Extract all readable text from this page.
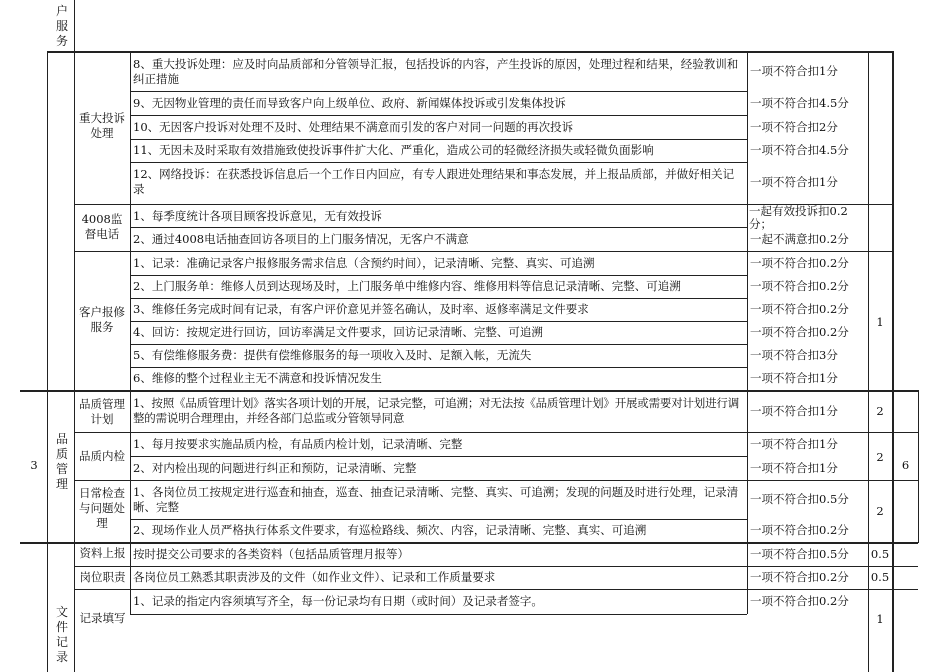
户服务
品质管理
文件记录
3
重大投诉处理
4008监督电话
客户报修服务
品质管理计划
品质内检
日常检查与问题处理
资料上报
岗位职责
记录填写
8、重大投诉处理：应及时向品质部和分管领导汇报，包括投诉的内容，产生投诉的原因，处理过程和结果，经验教训和纠正措施
9、无因物业管理的责任而导致客户向上级单位、政府、新闻媒体投诉或引发集体投诉
10、无因客户投诉对处理不及时、处理结果不满意而引发的客户对同一问题的再次投诉
11、无因未及时采取有效措施致使投诉事件扩大化、严重化，造成公司的轻微经济损失或轻微负面影响
12、网络投诉：在获悉投诉信息后一个工作日内回应，有专人跟进处理结果和事态发展，并上报品质部，并做好相关记录
1、每季度统计各项目顾客投诉意见，无有效投诉
2、通过4008电话抽查回访各项目的上门服务情况，无客户不满意
1、记录：准确记录客户报修服务需求信息（含预约时间），记录清晰、完整、真实、可追溯
2、上门服务单：维修人员到达现场及时，上门服务单中维修内容、维修用料等信息记录清晰、完整、可追溯
3、维修任务完成时间有记录，有客户评价意见并签名确认，及时率、返修率满足文件要求
4、回访：按规定进行回访，回访率满足文件要求，回访记录清晰、完整、可追溯
5、有偿维修服务费：提供有偿维修服务的每一项收入及时、足额入帐，无流失
6、维修的整个过程业主无不满意和投诉情况发生
1、按照《品质管理计划》落实各项计划的开展，记录完整，可追溯；对无法按《品质管理计划》开展或需要对计划进行调整的需说明合理理由，并经各部门总监或分管领导同意
1、每月按要求实施品质内检，有品质内检计划，记录清晰、完整
2、对内检出现的问题进行纠正和预防，记录清晰、完整
1、各岗位员工按规定进行巡查和抽查，巡查、抽查记录清晰、完整、真实、可追溯；发现的问题及时进行处理，记录清晰、完整
2、现场作业人员严格执行体系文件要求，有巡检路线、频次、内容，记录清晰、完整、真实、可追溯
按时提交公司要求的各类资料（包括品质管理月报等）
各岗位员工熟悉其职责涉及的文件（如作业文件）、记录和工作质量要求
1、记录的指定内容须填写齐全，每一份记录均有日期（或时间）及记录者签字。
一项不符合扣1分
一项不符合扣4.5分
一项不符合扣2分
一项不符合扣4.5分
一项不符合扣1分
一起有效投诉扣0.2分；
一起不满意扣0.2分
一项不符合扣0.2分
一项不符合扣0.2分
一项不符合扣0.2分
一项不符合扣0.2分
一项不符合扣3分
一项不符合扣1分
一项不符合扣1分
一项不符合扣1分
一项不符合扣1分
一项不符合扣0.5分
一项不符合扣0.2分
一项不符合扣0.5分
一项不符合扣0.2分
一项不符合扣0.2分
1
2
2
2
0.5
0.5
1
6
